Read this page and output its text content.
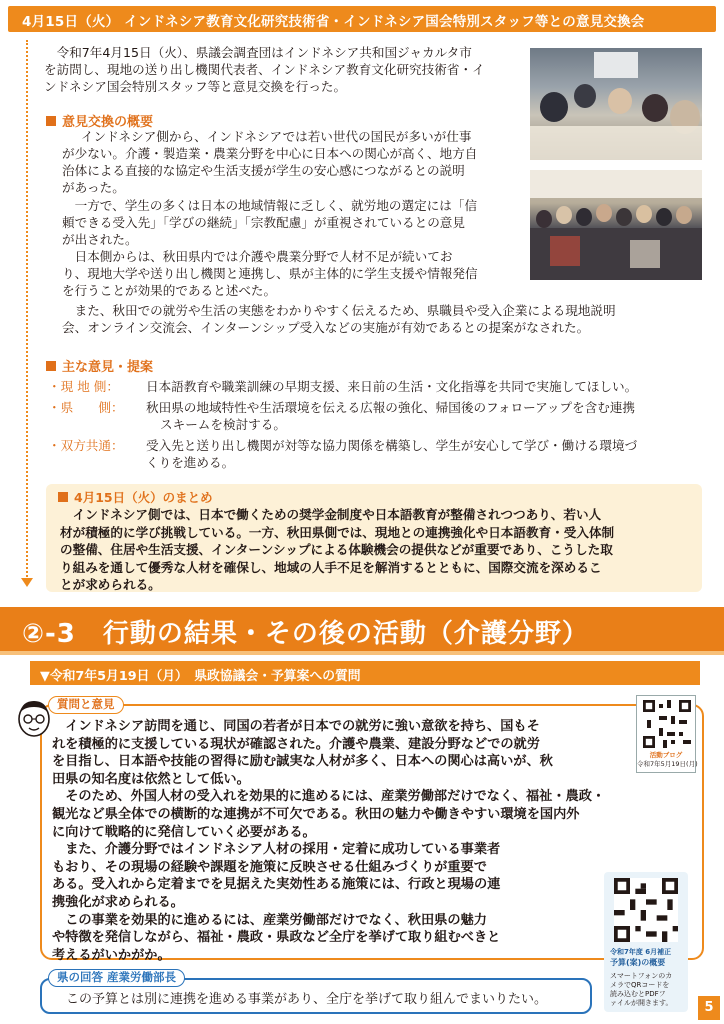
4月15日（火） インドネシア教育文化研究技術省・インドネシア国会特別スタッフ等との意見交換会
令和7年4月15日（火）、県議会調査団はインドネシア共和国ジャカルタ市
を訪問し、現地の送り出し機関代表者、インドネシア教育文化研究技術省・イ
ンドネシア国会特別スタッフ等と意見交換を行った。
意見交換の概要
インドネシア側から、インドネシアでは若い世代の国民が多いが仕事
が少ない。介護・製造業・農業分野を中心に日本への関心が高く、地方自
治体による直接的な協定や生活支援が学生の安心感につながるとの説明
があった。
一方で、学生の多くは日本の地域情報に乏しく、就労地の選定には「信
頼できる受入先」「学びの継続」「宗教配慮」が重視されているとの意見
が出された。
日本側からは、秋田県内では介護や農業分野で人材不足が続いてお
り、現地大学や送り出し機関と連携し、県が主体的に学生支援や情報発信
を行うことが効果的であると述べた。
また、秋田での就労や生活の実態をわかりやすく伝えるため、県職員や受入企業による現地説明
会、オンライン交流会、インターンシップ受入などの実施が有効であるとの提案がなされた。
主な意見・提案
・現 地 側： 日本語教育や職業訓練の早期支援、来日前の生活・文化指導を共同で実施してほしい。
・県　　側： 秋田県の地域特性や生活環境を伝える広報の強化、帰国後のフォローアップを含む連携
スキームを検討する。
・双方共通： 受入先と送り出し機関が対等な協力関係を構築し、学生が安心して学び・働ける環境づ
くりを進める。
4月15日（火）のまとめ
インドネシア側では、日本で働くための奨学金制度や日本語教育が整備されつつあり、若い人
材が積極的に学び挑戦している。一方、秋田県側では、現地との連携強化や日本語教育・受入体制
の整備、住居や生活支援、インターンシップによる体験機会の提供などが重要であり、こうした取
り組みを通して優秀な人材を確保し、地域の人手不足を解消するとともに、国際交流を深めるこ
とが求められる。
②-3　行動の結果・その後の活動（介護分野）
▼令和7年5月19日（月）　県政協議会・予算案への質問
質問と意見
インドネシア訪問を通じ、同国の若者が日本での就労に強い意欲を持ち、国もそ
れを積極的に支援している現状が確認された。介護や農業、建設分野などでの就労
を目指し、日本語や技能の習得に励む誠実な人材が多く、日本への関心は高いが、秋
田県の知名度は依然として低い。
そのため、外国人材の受入れを効果的に進めるには、産業労働部だけでなく、福祉・農政・
観光など県全体での横断的な連携が不可欠である。秋田の魅力や働きやすい環境を国内外
に向けて戦略的に発信していく必要がある。
また、介護分野ではインドネシア人材の採用・定着に成功している事業者
もおり、その現場の経験や課題を施策に反映させる仕組みづくりが重要で
ある。受入れから定着までを見据えた実効性ある施策には、行政と現場の連
携強化が求められる。
この事業を効果的に進めるには、産業労働部だけでなく、秋田県の魅力
や特徴を発信しながら、福祉・農政・県政など全庁を挙げて取り組むべきと
考えるがいかがか。
活動ブログ
令和7年5月19日(月)
令和7年度 6月補正
予算(案)の概要
スマートフォンのカ
メラでQRコードを
読み込むとPDFフ
ァイルが開きます。
県の回答 産業労働部長
この予算とは別に連携を進める事業があり、全庁を挙げて取り組んでまいりたい。
5
